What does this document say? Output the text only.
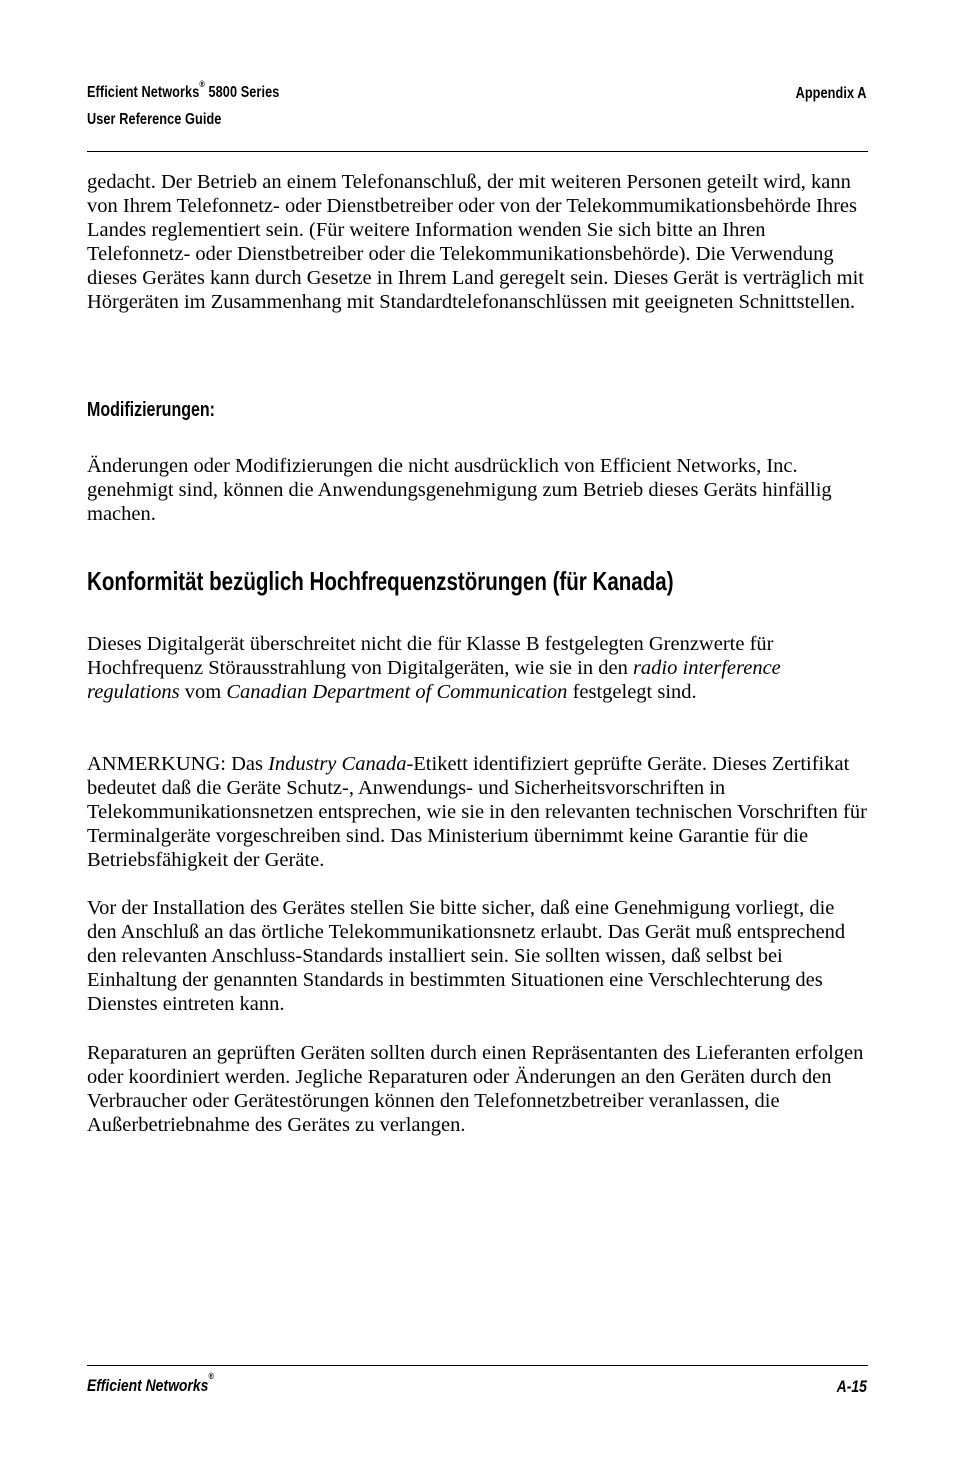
Efficient Networks® 5800 Series
User Reference Guide
Appendix A

gedacht. Der Betrieb an einem Telefonanschluß, der mit weiteren Personen geteilt wird, kann von Ihrem Telefonnetz- oder Dienstbetreiber oder von der Telekommumikationsbehörde Ihres Landes reglementiert sein. (Für weitere Information wenden Sie sich bitte an Ihren Telefonnetz- oder Dienstbetreiber oder die Telekommunikationsbehörde). Die Verwendung dieses Gerätes kann durch Gesetze in Ihrem Land geregelt sein. Dieses Gerät is verträglich mit Hörgeräten im Zusammenhang mit Standardtelefonanschlüssen mit geeigneten Schnittstellen.

Modifizierungen:

Änderungen oder Modifizierungen die nicht ausdrücklich von Efficient Networks, Inc. genehmigt sind, können die Anwendungsgenehmigung zum Betrieb dieses Geräts hinfällig machen.

Konformität bezüglich Hochfrequenzstörungen (für Kanada)

Dieses Digitalgerät überschreitet nicht die für Klasse B festgelegten Grenzwerte für Hochfrequenz Störausstrahlung von Digitalgeräten, wie sie in den radio interference regulations vom Canadian Department of Communication festgelegt sind.

ANMERKUNG: Das Industry Canada-Etikett identifiziert geprüfte Geräte. Dieses Zertifikat bedeutet daß die Geräte Schutz-, Anwendungs- und Sicherheitsvorschriften in Telekommunikationsnetzen entsprechen, wie sie in den relevanten technischen Vorschriften für Terminalgeräte vorgeschreiben sind. Das Ministerium übernimmt keine Garantie für die Betriebsfähigkeit der Geräte.

Vor der Installation des Gerätes stellen Sie bitte sicher, daß eine Genehmigung vorliegt, die den Anschluß an das örtliche Telekommunikationsnetz erlaubt. Das Gerät muß entsprechend den relevanten Anschluss-Standards installiert sein. Sie sollten wissen, daß selbst bei Einhaltung der genannten Standards in bestimmten Situationen eine Verschlechterung des Dienstes eintreten kann.

Reparaturen an geprüften Geräten sollten durch einen Repräsentanten des Lieferanten erfolgen oder koordiniert werden. Jegliche Reparaturen oder Änderungen an den Geräten durch den Verbraucher oder Gerätestörungen können den Telefonnetzbetreiber veranlassen, die Außerbetriebnahme des Gerätes zu verlangen.

Efficient Networks®
A-15
